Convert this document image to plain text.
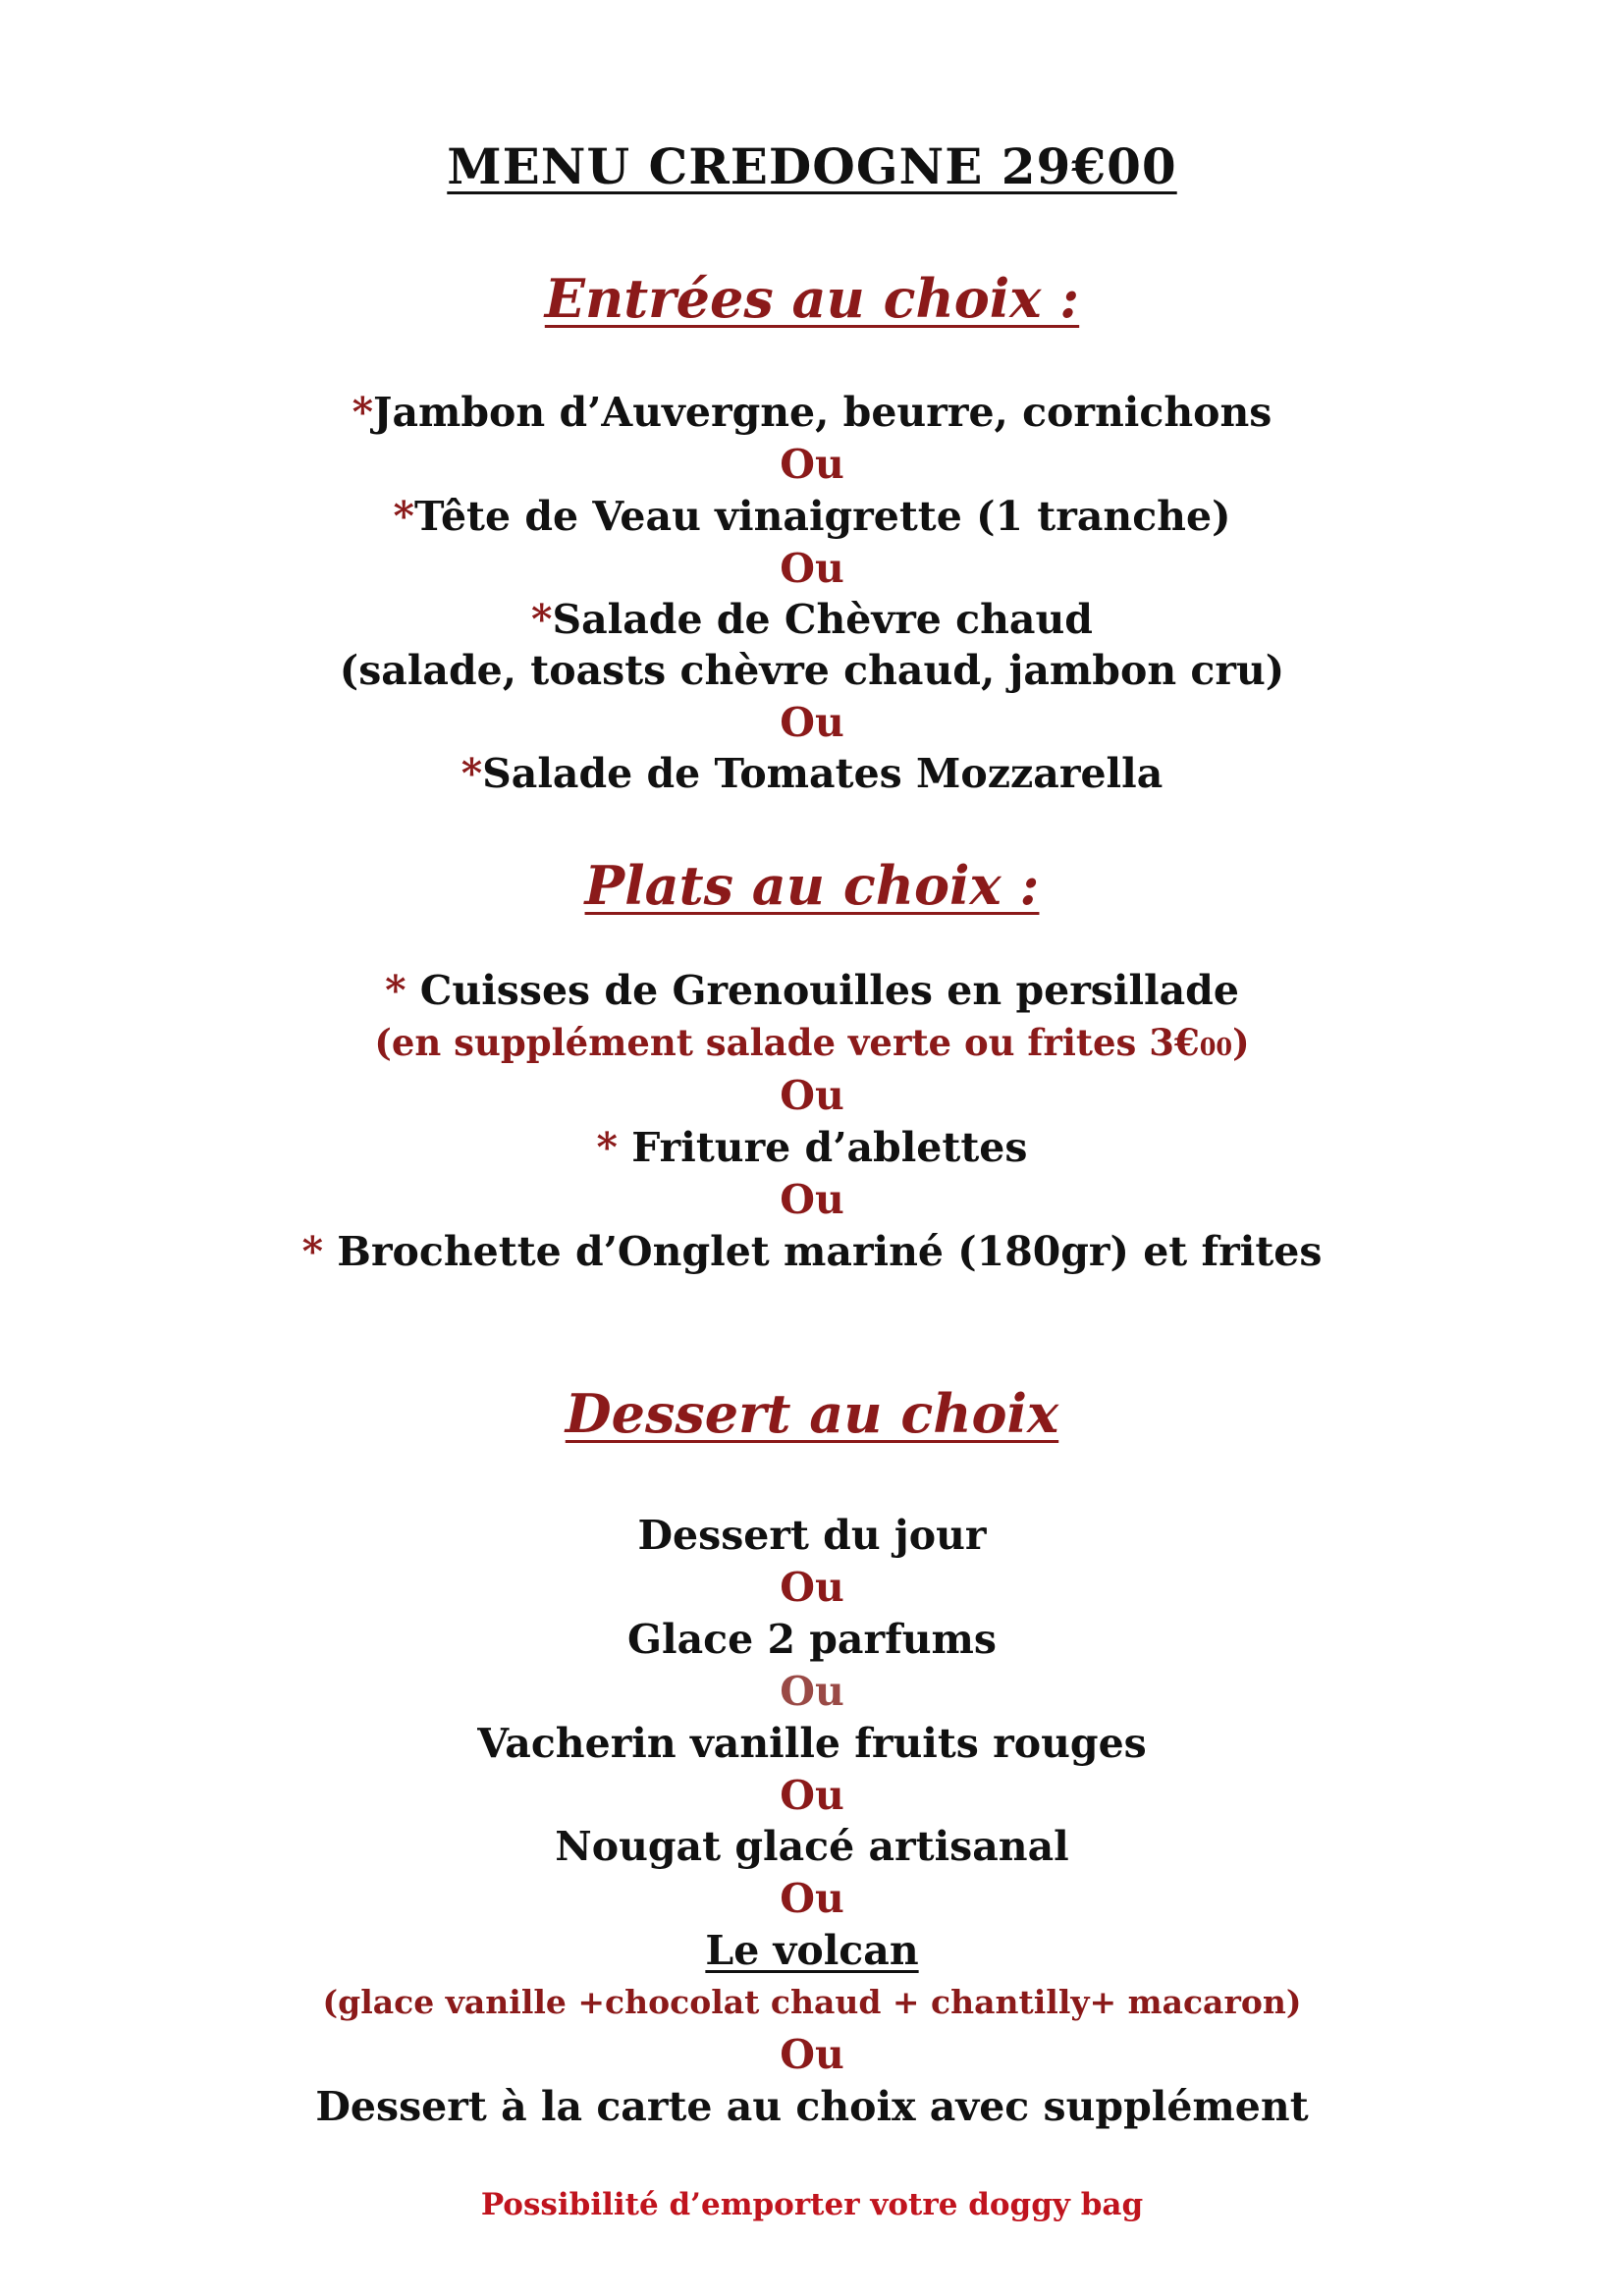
MENU CREDOGNE 29€00

Entrées au choix :

*Jambon d’Auvergne, beurre, cornichons

Ou

*Tête de Veau vinaigrette (1 tranche)

Ou

*Salade de Chèvre chaud

(salade, toasts chèvre chaud, jambon cru)

Ou

*Salade de Tomates Mozzarella

Plats au choix :

* Cuisses de Grenouilles en persillade

(en supplément salade verte ou frites 3€00)

Ou

* Friture d’ablettes

Ou

* Brochette d’Onglet mariné (180gr) et frites

Dessert au choix

Dessert du jour

Ou

Glace 2 parfums

Ou

Vacherin vanille fruits rouges

Ou

Nougat glacé artisanal

Ou

Le volcan

(glace vanille +chocolat chaud + chantilly+ macaron)

Ou

Dessert à la carte au choix avec supplément

Possibilité d’emporter votre doggy bag
